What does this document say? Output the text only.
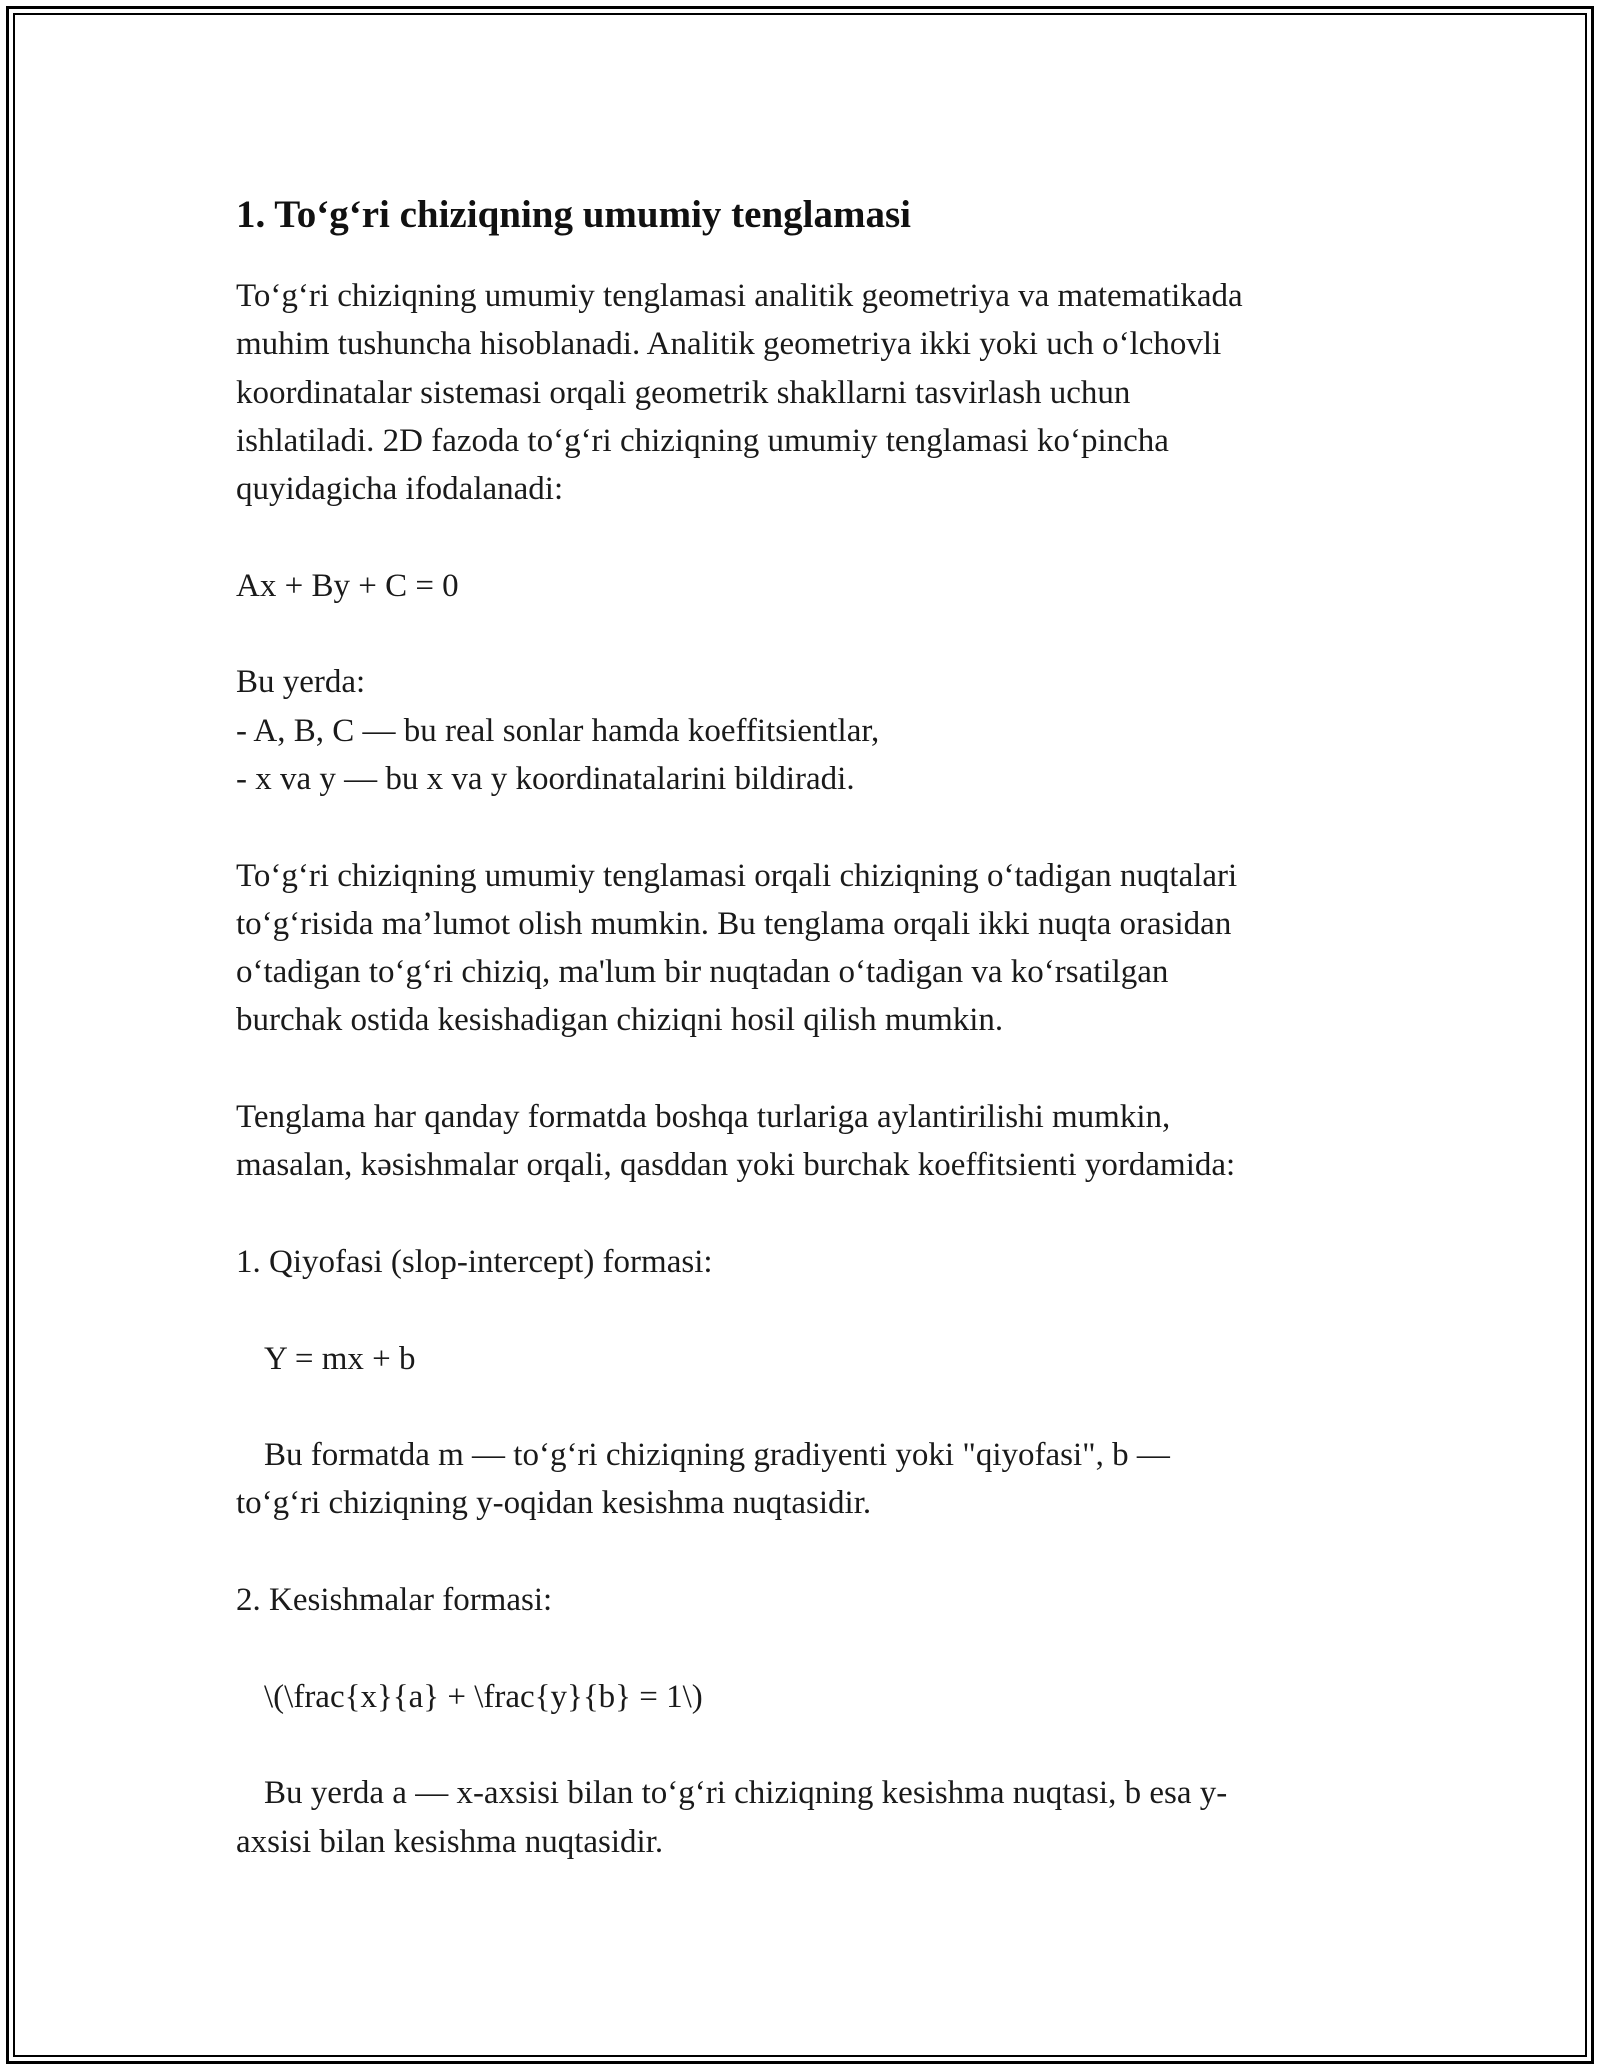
1. To‘g‘ri chiziqning umumiy tenglamasi

To‘g‘ri chiziqning umumiy tenglamasi analitik geometriya va matematikada
muhim tushuncha hisoblanadi. Analitik geometriya ikki yoki uch o‘lchovli
koordinatalar sistemasi orqali geometrik shakllarni tasvirlash uchun
ishlatiladi. 2D fazoda to‘g‘ri chiziqning umumiy tenglamasi ko‘pincha
quyidagicha ifodalanadi:

Ax + By + C = 0

Bu yerda:

- A, B, C — bu real sonlar hamda koeffitsientlar,

- x va y — bu x va y koordinatalarini bildiradi.

To‘g‘ri chiziqning umumiy tenglamasi orqali chiziqning o‘tadigan nuqtalari
to‘g‘risida ma’lumot olish mumkin. Bu tenglama orqali ikki nuqta orasidan
o‘tadigan to‘g‘ri chiziq, ma'lum bir nuqtadan o‘tadigan va ko‘rsatilgan
burchak ostida kesishadigan chiziqni hosil qilish mumkin.

Tenglama har qanday formatda boshqa turlariga aylantirilishi mumkin,
masalan, kəsishmalar orqali, qasddan yoki burchak koeffitsienti yordamida:

1. Qiyofasi (slop-intercept) formasi:

Y = mx + b

Bu formatda m — to‘g‘ri chiziqning gradiyenti yoki "qiyofasi", b —

to‘g‘ri chiziqning y-oqidan kesishma nuqtasidir.

2. Kesishmalar formasi:

\(\frac{x}{a} + \frac{y}{b} = 1\)

Bu yerda a — x-axsisi bilan to‘g‘ri chiziqning kesishma nuqtasi, b esa y-

axsisi bilan kesishma nuqtasidir.
